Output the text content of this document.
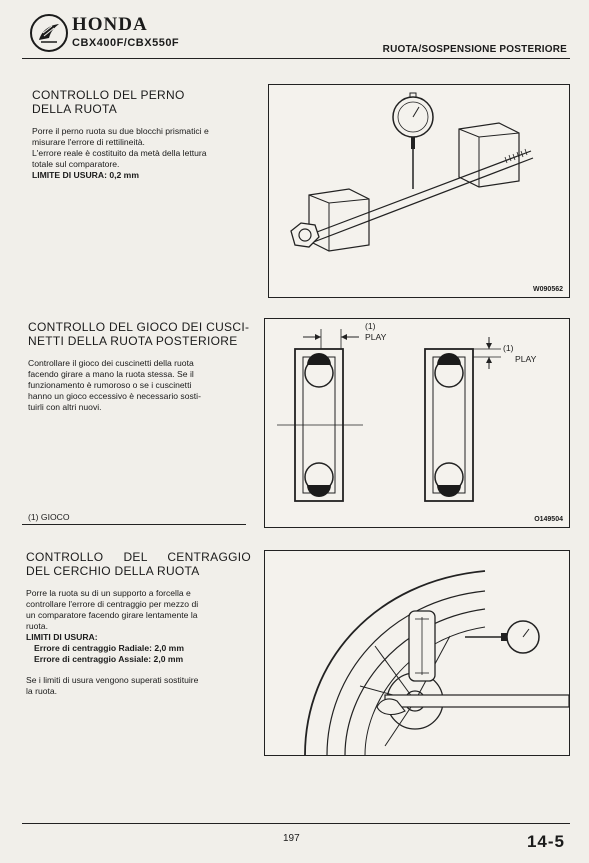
HONDA
CBX400F/CBX550F
RUOTA/SOSPENSIONE POSTERIORE
CONTROLLO DEL PERNO
DELLA RUOTA
Porre il perno ruota su due blocchi prismatici e
misurare l'errore di rettilineità.
L'errore reale è costituito da metà della lettura
totale sul comparatore.
LIMITE DI USURA: 0,2 mm
W090562
CONTROLLO DEL GIOCO DEI CUSCI-
NETTI DELLA RUOTA POSTERIORE
Controllare il gioco dei cuscinetti della ruota
facendo girare a mano la ruota stessa. Se il
funzionamento è rumoroso o se i cuscinetti
hanno un gioco eccessivo è necessario sosti-
tuirli con altri nuovi.
(1) GIOCO
(1)
PLAY
(1)
PLAY
O149504
CONTROLLO DEL CENTRAGGIO
DEL CERCHIO DELLA RUOTA
Porre la ruota su di un supporto a forcella e
controllare l'errore di centraggio per mezzo di
un comparatore facendo girare lentamente la
ruota.
LIMITI DI USURA:
Errore di centraggio Radiale: 2,0 mm
Errore di centraggio Assiale: 2,0 mm
Se i limiti di usura vengono superati sostituire
la ruota.
197	14-5
